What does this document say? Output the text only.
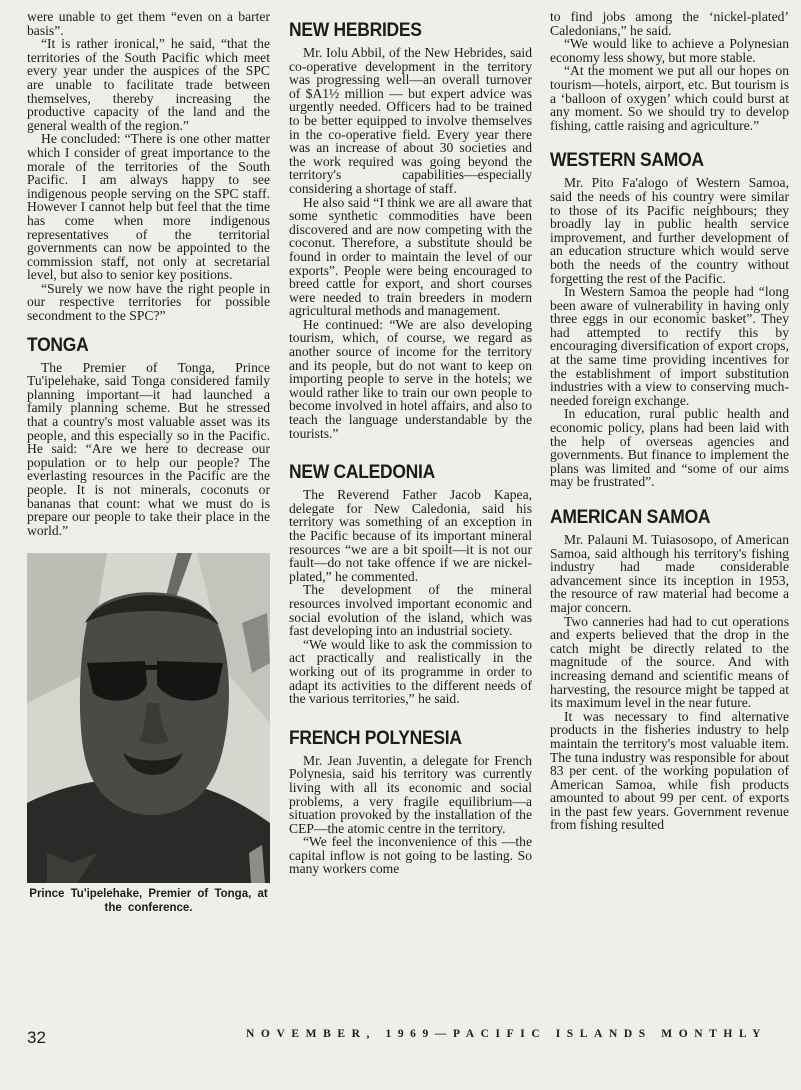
were unable to get them “even on a barter basis”.

“It is rather ironical,” he said, “that the territories of the South Pacific which meet every year under the auspices of the SPC are unable to facilitate trade between themselves, thereby increasing the productive capacity of the land and the general wealth of the region.”

He concluded: “There is one other matter which I consider of great importance to the morale of the territories of the South Pacific. I am always happy to see indigenous people serving on the SPC staff. However I cannot help but feel that the time has come when more indigenous representatives of the territorial governments can now be appointed to the commission staff, not only at secretarial level, but also to senior key positions.

“Surely we now have the right people in our respective territories for possible secondment to the SPC?”

TONGA

The Premier of Tonga, Prince Tu'ipelehake, said Tonga considered family planning important—it had launched a family planning scheme. But he stressed that a country's most valuable asset was its people, and this especially so in the Pacific. He said: “Are we here to decrease our population or to help our people? The everlasting resources in the Pacific are the people. It is not minerals, coconuts or bananas that count: what we must do is prepare our people to take their place in the world.”

Prince Tu'ipelehake, Premier of Tonga, at the conference.
NEW HEBRIDES

Mr. Iolu Abbil, of the New Hebrides, said co-operative development in the territory was progressing well—an overall turnover of $A1½ million — but expert advice was urgently needed. Officers had to be trained to be better equipped to involve themselves in the co-operative field. Every year there was an increase of about 30 societies and the work required was going beyond the territory's capabilities—especially considering a shortage of staff.

He also said “I think we are all aware that some synthetic commodities have been discovered and are now competing with the coconut. Therefore, a substitute should be found in order to maintain the level of our exports”. People were being encouraged to breed cattle for export, and short courses were needed to train breeders in modern agricultural methods and management.

He continued: “We are also developing tourism, which, of course, we regard as another source of income for the territory and its people, but do not want to keep on importing people to serve in the hotels; we would rather like to train our own people to become involved in hotel affairs, and also to teach the language understandable by the tourists.”

NEW CALEDONIA

The Reverend Father Jacob Kapea, delegate for New Caledonia, said his territory was something of an exception in the Pacific because of its important mineral resources “we are a bit spoilt—it is not our fault—do not take offence if we are nickel-plated,” he commented.

The development of the mineral resources involved important economic and social evolution of the island, which was fast developing into an industrial society.

“We would like to ask the commission to act practically and realistically in the working out of its programme in order to adapt its activities to the different needs of the various territories,” he said.

FRENCH POLYNESIA

Mr. Jean Juventin, a delegate for French Polynesia, said his territory was currently living with all its economic and social problems, a very fragile equilibrium—a situation provoked by the installation of the CEP—the atomic centre in the territory.

“We feel the inconvenience of this —the capital inflow is not going to be lasting. So many workers come

to find jobs among the ‘nickel-plated’ Caledonians,” he said.

“We would like to achieve a Polynesian economy less showy, but more stable.

“At the moment we put all our hopes on tourism—hotels, airport, etc. But tourism is a ‘balloon of oxygen’ which could burst at any moment. So we should try to develop fishing, cattle raising and agriculture.”

WESTERN SAMOA

Mr. Pito Fa'alogo of Western Samoa, said the needs of his country were similar to those of its Pacific neighbours; they broadly lay in public health service improvement, and further development of an education structure which would serve both the needs of the country without forgetting the rest of the Pacific.

In Western Samoa the people had “long been aware of vulnerability in having only three eggs in our economic basket”. They had attempted to rectify this by encouraging diversification of export crops, at the same time providing incentives for the establishment of import substitution industries with a view to conserving much-needed foreign exchange.

In education, rural public health and economic policy, plans had been laid with the help of overseas agencies and governments. But finance to implement the plans was limited and “some of our aims may be frustrated”.

AMERICAN SAMOA

Mr. Palauni M. Tuiasosopo, of American Samoa, said although his territory's fishing industry had made considerable advancement since its inception in 1953, the resource of raw material had become a major concern.

Two canneries had had to cut operations and experts believed that the drop in the catch might be directly related to the magnitude of the source. And with increasing demand and scientific means of harvesting, the resource might be tapped at its maximum level in the near future.

It was necessary to find alternative products in the fisheries industry to help maintain the territory's most valuable item. The tuna industry was responsible for about 83 per cent. of the working population of American Samoa, while fish products amounted to about 99 per cent. of exports in the past few years. Government revenue from fishing resulted

32	NOVEMBER, 1969—PACIFIC ISLANDS MONTHLY
